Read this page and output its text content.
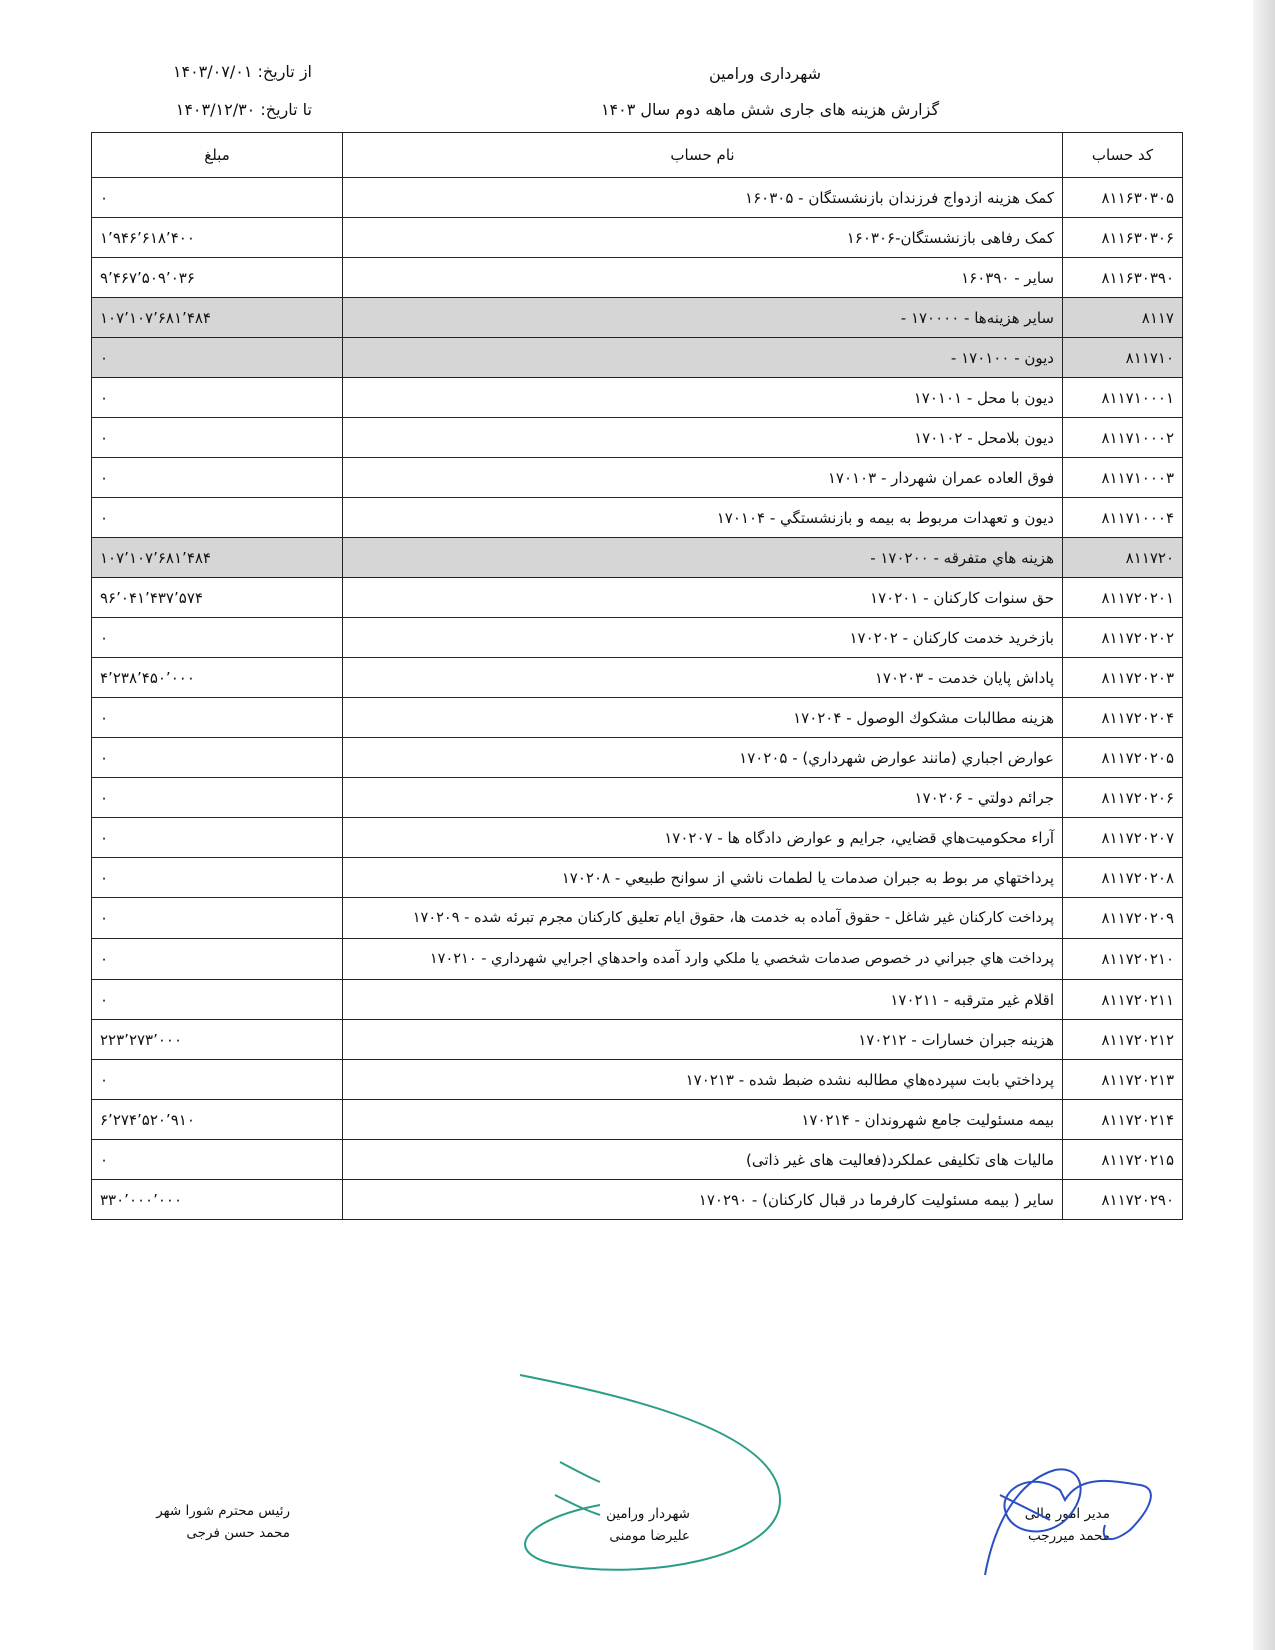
شهرداری ورامین
گزارش هزینه های جاری شش ماهه دوم سال ۱۴۰۳
از تاریخ: ۱۴۰۳/۰۷/۰۱
تا تاریخ: ۱۴۰۳/۱۲/۳۰
کد حساب	نام حساب	مبلغ
۸۱۱۶۳۰۳۰۵	کمک هزینه ازدواج فرزندان بازنشستگان - ۱۶۰۳۰۵	۰
۸۱۱۶۳۰۳۰۶	کمک رفاهی بازنشستگان-۱۶۰۳۰۶	۱٬۹۴۶٬۶۱۸٬۴۰۰
۸۱۱۶۳۰۳۹۰	سایر - ۱۶۰۳۹۰	۹٬۴۶۷٬۵۰۹٬۰۳۶
۸۱۱۷	سایر هزینه‌ها - ۱۷۰۰۰۰ -	۱۰۷٬۱۰۷٬۶۸۱٬۴۸۴
۸۱۱۷۱۰	دیون - ۱۷۰۱۰۰ -	۰
۸۱۱۷۱۰۰۰۱	دیون با محل - ۱۷۰۱۰۱	۰
۸۱۱۷۱۰۰۰۲	دیون بلامحل - ۱۷۰۱۰۲	۰
۸۱۱۷۱۰۰۰۳	فوق العاده عمران شهردار - ۱۷۰۱۰۳	۰
۸۱۱۷۱۰۰۰۴	دیون و تعهدات مربوط به بیمه و بازنشستگي - ۱۷۰۱۰۴	۰
۸۱۱۷۲۰	هزینه هاي متفرقه - ۱۷۰۲۰۰ -	۱۰۷٬۱۰۷٬۶۸۱٬۴۸۴
۸۱۱۷۲۰۲۰۱	حق سنوات كاركنان - ۱۷۰۲۰۱	۹۶٬۰۴۱٬۴۳۷٬۵۷۴
۸۱۱۷۲۰۲۰۲	بازخرید خدمت كاركنان - ۱۷۰۲۰۲	۰
۸۱۱۷۲۰۲۰۳	پاداش پایان خدمت - ۱۷۰۲۰۳	۴٬۲۳۸٬۴۵۰٬۰۰۰
۸۱۱۷۲۰۲۰۴	هزینه مطالبات مشکوك الوصول - ۱۷۰۲۰۴	۰
۸۱۱۷۲۰۲۰۵	عوارض اجباري (مانند عوارض شهرداري) - ۱۷۰۲۰۵	۰
۸۱۱۷۲۰۲۰۶	جرائم دولتي - ۱۷۰۲۰۶	۰
۸۱۱۷۲۰۲۰۷	آراء محكوميت‌هاي قضایي، جرایم و عوارض دادگاه ها - ۱۷۰۲۰۷	۰
۸۱۱۷۲۰۲۰۸	پرداختهاي مر بوط به جبران صدمات یا لطمات ناشي از سوانح طبیعي - ۱۷۰۲۰۸	۰
۸۱۱۷۲۰۲۰۹	پرداخت كاركنان غیر شاغل - حقوق آماده به خدمت ها، حقوق ایام تعلیق كاركنان مجرم تبرئه شده - ۱۷۰۲۰۹	۰
۸۱۱۷۲۰۲۱۰	پرداخت هاي جبراني در خصوص صدمات شخصي یا ملكي وارد آمده واحدهاي اجرایي شهرداري - ۱۷۰۲۱۰	۰
۸۱۱۷۲۰۲۱۱	اقلام غیر مترقبه - ۱۷۰۲۱۱	۰
۸۱۱۷۲۰۲۱۲	هزینه جبران خسارات - ۱۷۰۲۱۲	۲۲۳٬۲۷۳٬۰۰۰
۸۱۱۷۲۰۲۱۳	پرداختي بابت سپرده‌هاي مطالبه نشده ضبط شده - ۱۷۰۲۱۳	۰
۸۱۱۷۲۰۲۱۴	بیمه مسئولیت جامع شهروندان - ۱۷۰۲۱۴	۶٬۲۷۴٬۵۲۰٬۹۱۰
۸۱۱۷۲۰۲۱۵	مالیات های تکلیفی عملکرد(فعالیت های غیر ذاتی)	۰
۸۱۱۷۲۰۲۹۰	سایر ( بیمه مسئولیت كارفرما در قبال كاركنان) - ۱۷۰۲۹۰	۳۳۰٬۰۰۰٬۰۰۰
رئیس محترم شورا شهر
محمد حسن فرجی
شهردار ورامین
علیرضا مومنی
مدیر امور مالی
محمد میررجب
